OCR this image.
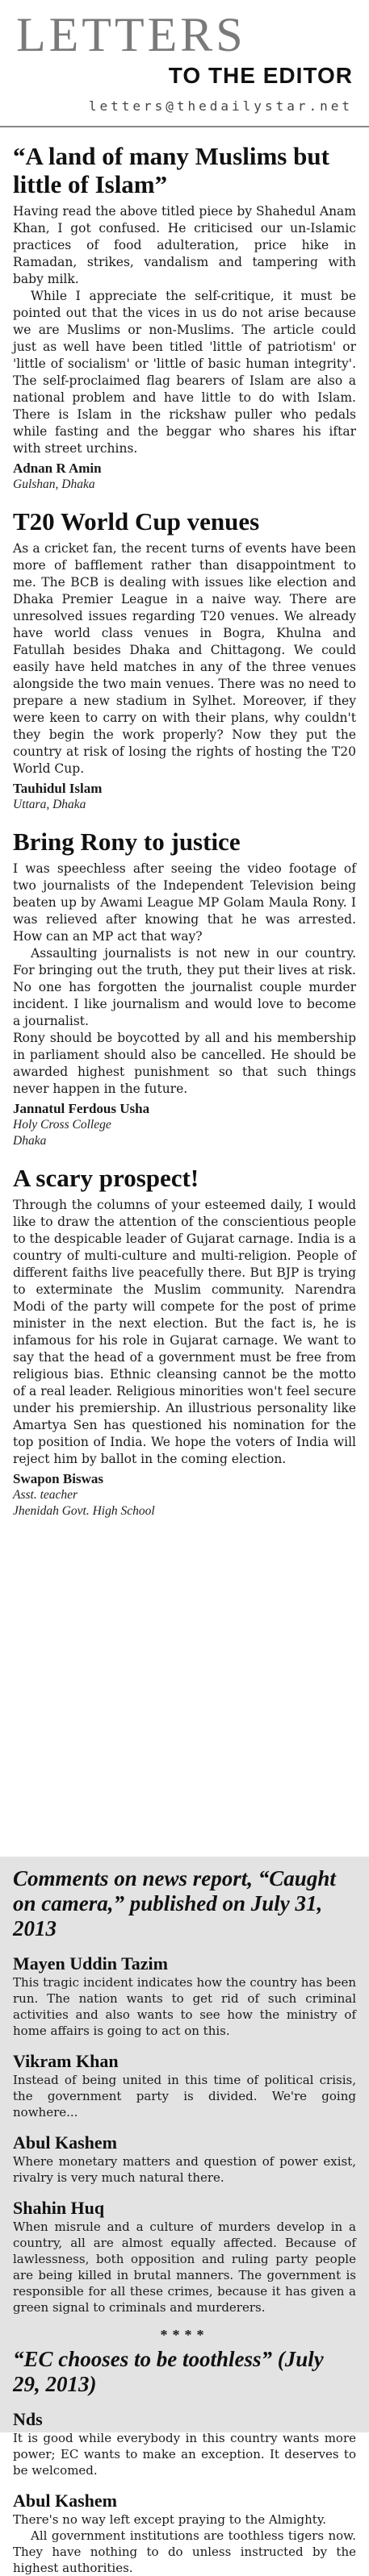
LETTERS
TO THE EDITOR
letters@thedailystar.net
“A land of many Muslims but little of Islam”

Having read the above titled piece by Shahedul Anam Khan, I got confused. He criticised our un-Islamic practices of food adulteration, price hike in Ramadan, strikes, vandalism and tampering with baby milk.

While I appreciate the self-critique, it must be pointed out that the vices in us do not arise because we are Muslims or non-Muslims. The article could just as well have been titled 'little of patriotism' or 'little of socialism' or 'little of basic human integrity'. The self-proclaimed flag bearers of Islam are also a national problem and have little to do with Islam. There is Islam in the rickshaw puller who pedals while fasting and the beggar who shares his iftar with street urchins.

Adnan R Amin
Gulshan, Dhaka
T20 World Cup venues

As a cricket fan, the recent turns of events have been more of bafflement rather than disappointment to me. The BCB is dealing with issues like election and Dhaka Premier League in a naive way. There are unresolved issues regarding T20 venues. We already have world class venues in Bogra, Khulna and Fatullah besides Dhaka and Chittagong. We could easily have held matches in any of the three venues alongside the two main venues. There was no need to prepare a new stadium in Sylhet. Moreover, if they were keen to carry on with their plans, why couldn't they begin the work properly? Now they put the country at risk of losing the rights of hosting the T20 World Cup.

Tauhidul Islam
Uttara, Dhaka
Bring Rony to justice

I was speechless after seeing the video footage of two journalists of the Independent Television being beaten up by Awami League MP Golam Maula Rony. I was relieved after knowing that he was arrested. How can an MP act that way?

Assaulting journalists is not new in our country. For bringing out the truth, they put their lives at risk. No one has forgotten the journalist couple murder incident. I like journalism and would love to become a journalist.

Rony should be boycotted by all and his membership in parliament should also be cancelled. He should be awarded highest punishment so that such things never happen in the future.

Jannatul Ferdous Usha
Holy Cross College
Dhaka
A scary prospect!

Through the columns of your esteemed daily, I would like to draw the attention of the conscientious people to the despicable leader of Gujarat carnage. India is a country of multi-culture and multi-religion. People of different faiths live peacefully there. But BJP is trying to exterminate the Muslim community. Narendra Modi of the party will compete for the post of prime minister in the next election. But the fact is, he is infamous for his role in Gujarat carnage. We want to say that the head of a government must be free from religious bias. Ethnic cleansing cannot be the motto of a real leader. Religious minorities won't feel secure under his premiership. An illustrious personality like Amartya Sen has questioned his nomination for the top position of India. We hope the voters of India will reject him by ballot in the coming election.

Swapon Biswas
Asst. teacher
Jhenidah Govt. High School
Comments on news report, “Caught on camera,” published on July 31, 2013
Mayen Uddin Tazim

This tragic incident indicates how the country has been run. The nation wants to get rid of such criminal activities and also wants to see how the ministry of home affairs is going to act on this.

Vikram Khan

Instead of being united in this time of political crisis, the government party is divided. We're going nowhere...

Abul Kashem

Where monetary matters and question of power exist, rivalry is very much natural there.

Shahin Huq

When misrule and a culture of murders develop in a country, all are almost equally affected. Because of lawlessness, both opposition and ruling party people are being killed in brutal manners. The government is responsible for all these crimes, because it has given a green signal to criminals and murderers.

****
“EC chooses to be toothless” (July 29, 2013)
Nds

It is good while everybody in this country wants more power; EC wants to make an exception. It deserves to be welcomed.

Abul Kashem

There's no way left except praying to the Almighty.

All government institutions are toothless tigers now. They have nothing to do unless instructed by the highest authorities.
